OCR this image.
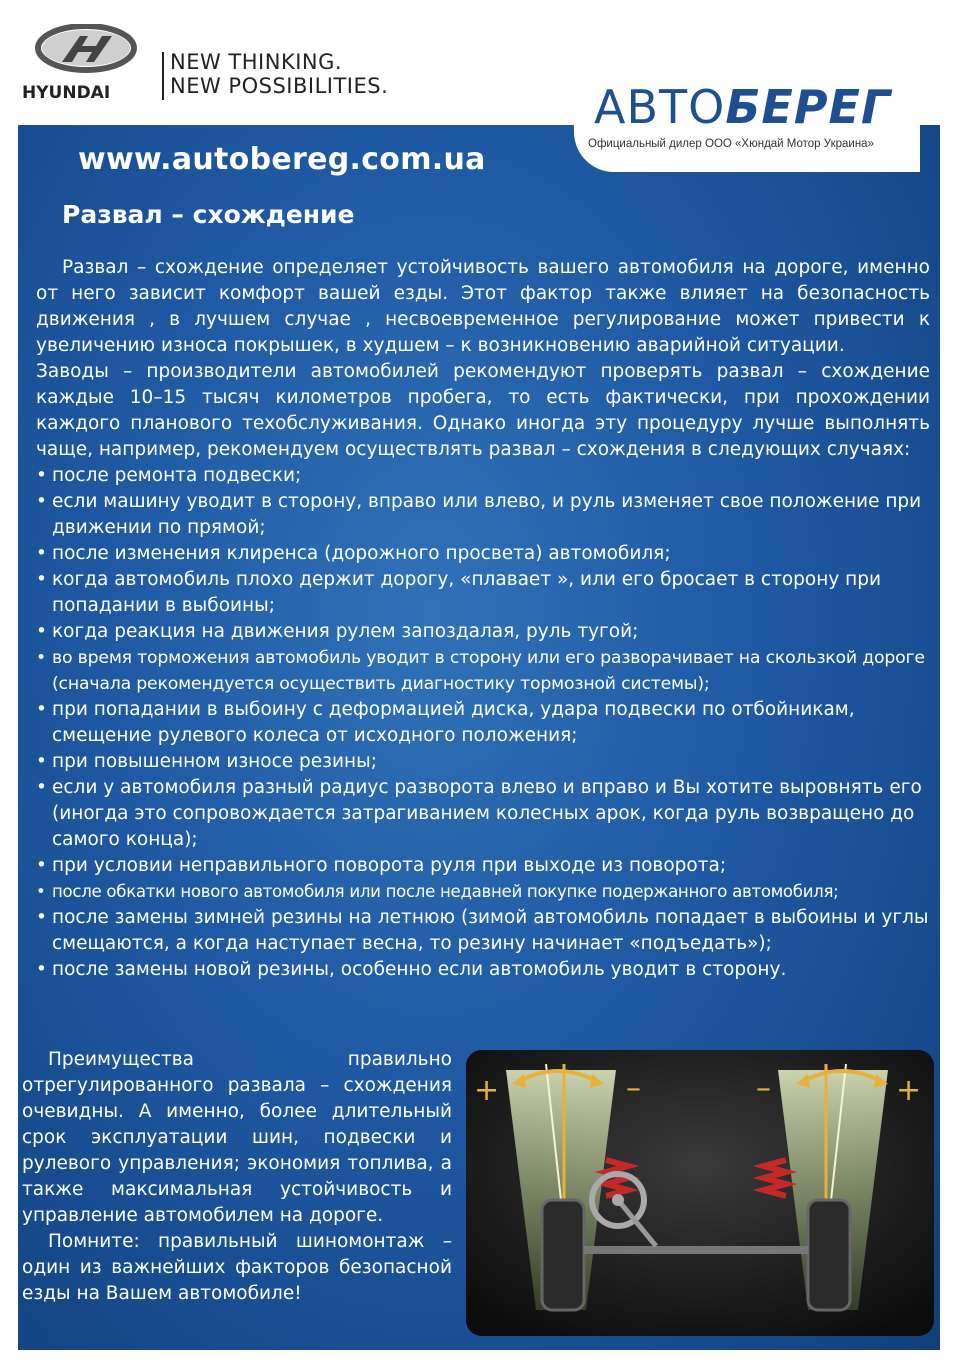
HYUNDAI
NEW THINKING.
NEW POSSIBILITIES.	АВТОБЕРЕГ
Официальный дилер ООО «Хюндай Мотор Украина»
www.autobereg.com.ua
Развал – схождение

Развал – схождение определяет устойчивость вашего автомобиля на дороге, именно от него зависит комфорт вашей езды. Этот фактор также влияет на безопасность движения , в лучшем случае , несвоевременное регулирование может привести к увеличению износа покрышек, в худшем – к возникновению аварийной ситуации.

Заводы – производители автомобилей рекомендуют проверять развал – схождение каждые 10–15 тысяч километров пробега, то есть фактически, при прохождении каждого планового техобслуживания. Однако иногда эту процедуру лучше выполнять чаще, например, рекомендуем осуществлять развал – схождения в следующих случаях:

• после ремонта подвески;
• если машину уводит в сторону, вправо или влево, и руль изменяет свое положение при движении по прямой;
• после изменения клиренса (дорожного просвета) автомобиля;
• когда автомобиль плохо держит дорогу, «плавает », или его бросает в сторону при попадании в выбоины;
• когда реакция на движения рулем запоздалая, руль тугой;
• во время торможения автомобиль уводит в сторону или его разворачивает на скользкой дороге (сначала рекомендуется осуществить диагностику тормозной системы);
• при попадании в выбоину с деформацией диска, удара подвески по отбойникам, смещение рулевого колеса от исходного положения;
• при повышенном износе резины;
• если у автомобиля разный радиус разворота влево и вправо и Вы хотите выровнять его (иногда это сопровождается затрагиванием колесных арок, когда руль возвращено до самого конца);
• при условии неправильного поворота руля при выходе из поворота;
• после обкатки нового автомобиля или после недавней покупке подержанного автомобиля;
• после замены зимней резины на летнюю (зимой автомобиль попадает в выбоины и углы смещаются, а когда наступает весна, то резину начинает «подъедать»);
• после замены новой резины, особенно если автомобиль уводит в сторону.

Преимущества правильно отрегулированного развала – схождения очевидны. А именно, более длительный срок эксплуатации шин, подвески и рулевого управления; экономия топлива, а также максимальная устойчивость и управление автомобилем на дороге.

Помните: правильный шиномонтаж – один из важнейших факторов безопасной езды на Вашем автомобиле!

+	–	–	+
